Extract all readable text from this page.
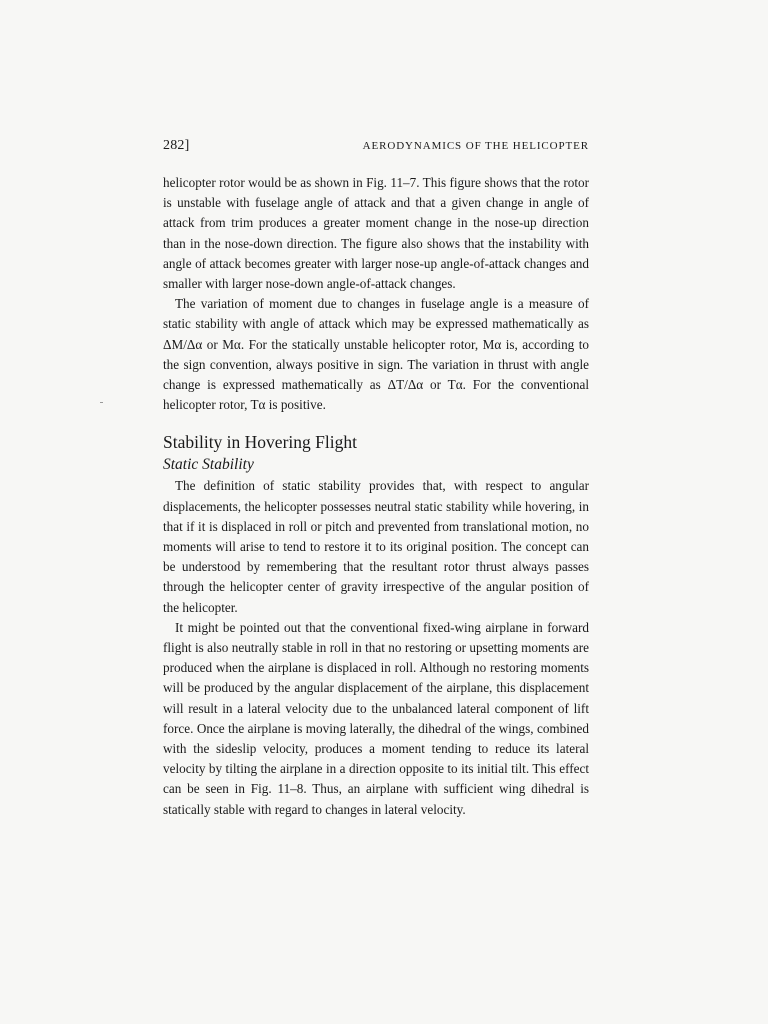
282]	AERODYNAMICS OF THE HELICOPTER

helicopter rotor would be as shown in Fig. 11–7. This figure shows that the rotor is unstable with fuselage angle of attack and that a given change in angle of attack from trim produces a greater moment change in the nose-up direction than in the nose-down direction. The figure also shows that the instability with angle of attack becomes greater with larger nose-up angle-of-attack changes and smaller with larger nose-down angle-of-attack changes.

The variation of moment due to changes in fuselage angle is a measure of static stability with angle of attack which may be expressed mathematically as ΔM/Δα or Mα. For the statically unstable helicopter rotor, Mα is, according to the sign convention, always positive in sign. The variation in thrust with angle change is expressed mathematically as ΔT/Δα or Tα. For the conventional helicopter rotor, Tα is positive.

Stability in Hovering Flight
Static Stability

The definition of static stability provides that, with respect to angular displacements, the helicopter possesses neutral static stability while hovering, in that if it is displaced in roll or pitch and prevented from translational motion, no moments will arise to tend to restore it to its original position. The concept can be understood by remembering that the resultant rotor thrust always passes through the helicopter center of gravity irrespective of the angular position of the helicopter.

It might be pointed out that the conventional fixed-wing airplane in forward flight is also neutrally stable in roll in that no restoring or upsetting moments are produced when the airplane is displaced in roll. Although no restoring moments will be produced by the angular displacement of the airplane, this displacement will result in a lateral velocity due to the unbalanced lateral component of lift force. Once the airplane is moving laterally, the dihedral of the wings, combined with the sideslip velocity, produces a moment tending to reduce its lateral velocity by tilting the airplane in a direction opposite to its initial tilt. This effect can be seen in Fig. 11–8. Thus, an airplane with sufficient wing dihedral is statically stable with regard to changes in lateral velocity.
